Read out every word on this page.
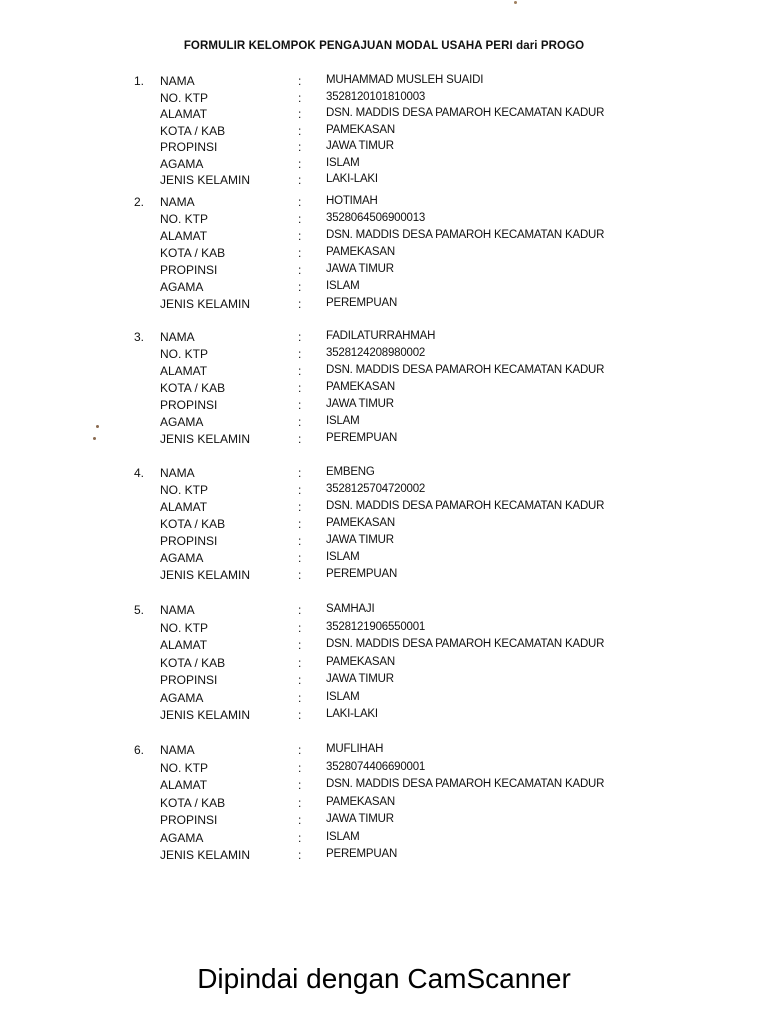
FORMULIR KELOMPOK PENGAJUAN MODAL USAHA PERI dari PROGO
1. NAMA	: MUHAMMAD MUSLEH SUAIDI
NO. KTP	: 3528120101810003
ALAMAT	: DSN. MADDIS DESA PAMAROH KECAMATAN KADUR
KOTA / KAB	: PAMEKASAN
PROPINSI	: JAWA TIMUR
AGAMA	: ISLAM
JENIS KELAMIN	: LAKI-LAKI
2. NAMA	: HOTIMAH
NO. KTP	: 3528064506900013
ALAMAT	: DSN. MADDIS DESA PAMAROH KECAMATAN KADUR
KOTA / KAB	: PAMEKASAN
PROPINSI	: JAWA TIMUR
AGAMA	: ISLAM
JENIS KELAMIN	: PEREMPUAN
3. NAMA	: FADILATURRAHMAH
NO. KTP	: 3528124208980002
ALAMAT	: DSN. MADDIS DESA PAMAROH KECAMATAN KADUR
KOTA / KAB	: PAMEKASAN
PROPINSI	: JAWA TIMUR
AGAMA	: ISLAM
JENIS KELAMIN	: PEREMPUAN
4. NAMA	: EMBENG
NO. KTP	: 3528125704720002
ALAMAT	: DSN. MADDIS DESA PAMAROH KECAMATAN KADUR
KOTA / KAB	: PAMEKASAN
PROPINSI	: JAWA TIMUR
AGAMA	: ISLAM
JENIS KELAMIN	: PEREMPUAN
5. NAMA	: SAMHAJI
NO. KTP	: 3528121906550001
ALAMAT	: DSN. MADDIS DESA PAMAROH KECAMATAN KADUR
KOTA / KAB	: PAMEKASAN
PROPINSI	: JAWA TIMUR
AGAMA	: ISLAM
JENIS KELAMIN	: LAKI-LAKI
6. NAMA	: MUFLIHAH
NO. KTP	: 3528074406690001
ALAMAT	: DSN. MADDIS DESA PAMAROH KECAMATAN KADUR
KOTA / KAB	: PAMEKASAN
PROPINSI	: JAWA TIMUR
AGAMA	: ISLAM
JENIS KELAMIN	: PEREMPUAN
Dipindai dengan CamScanner
